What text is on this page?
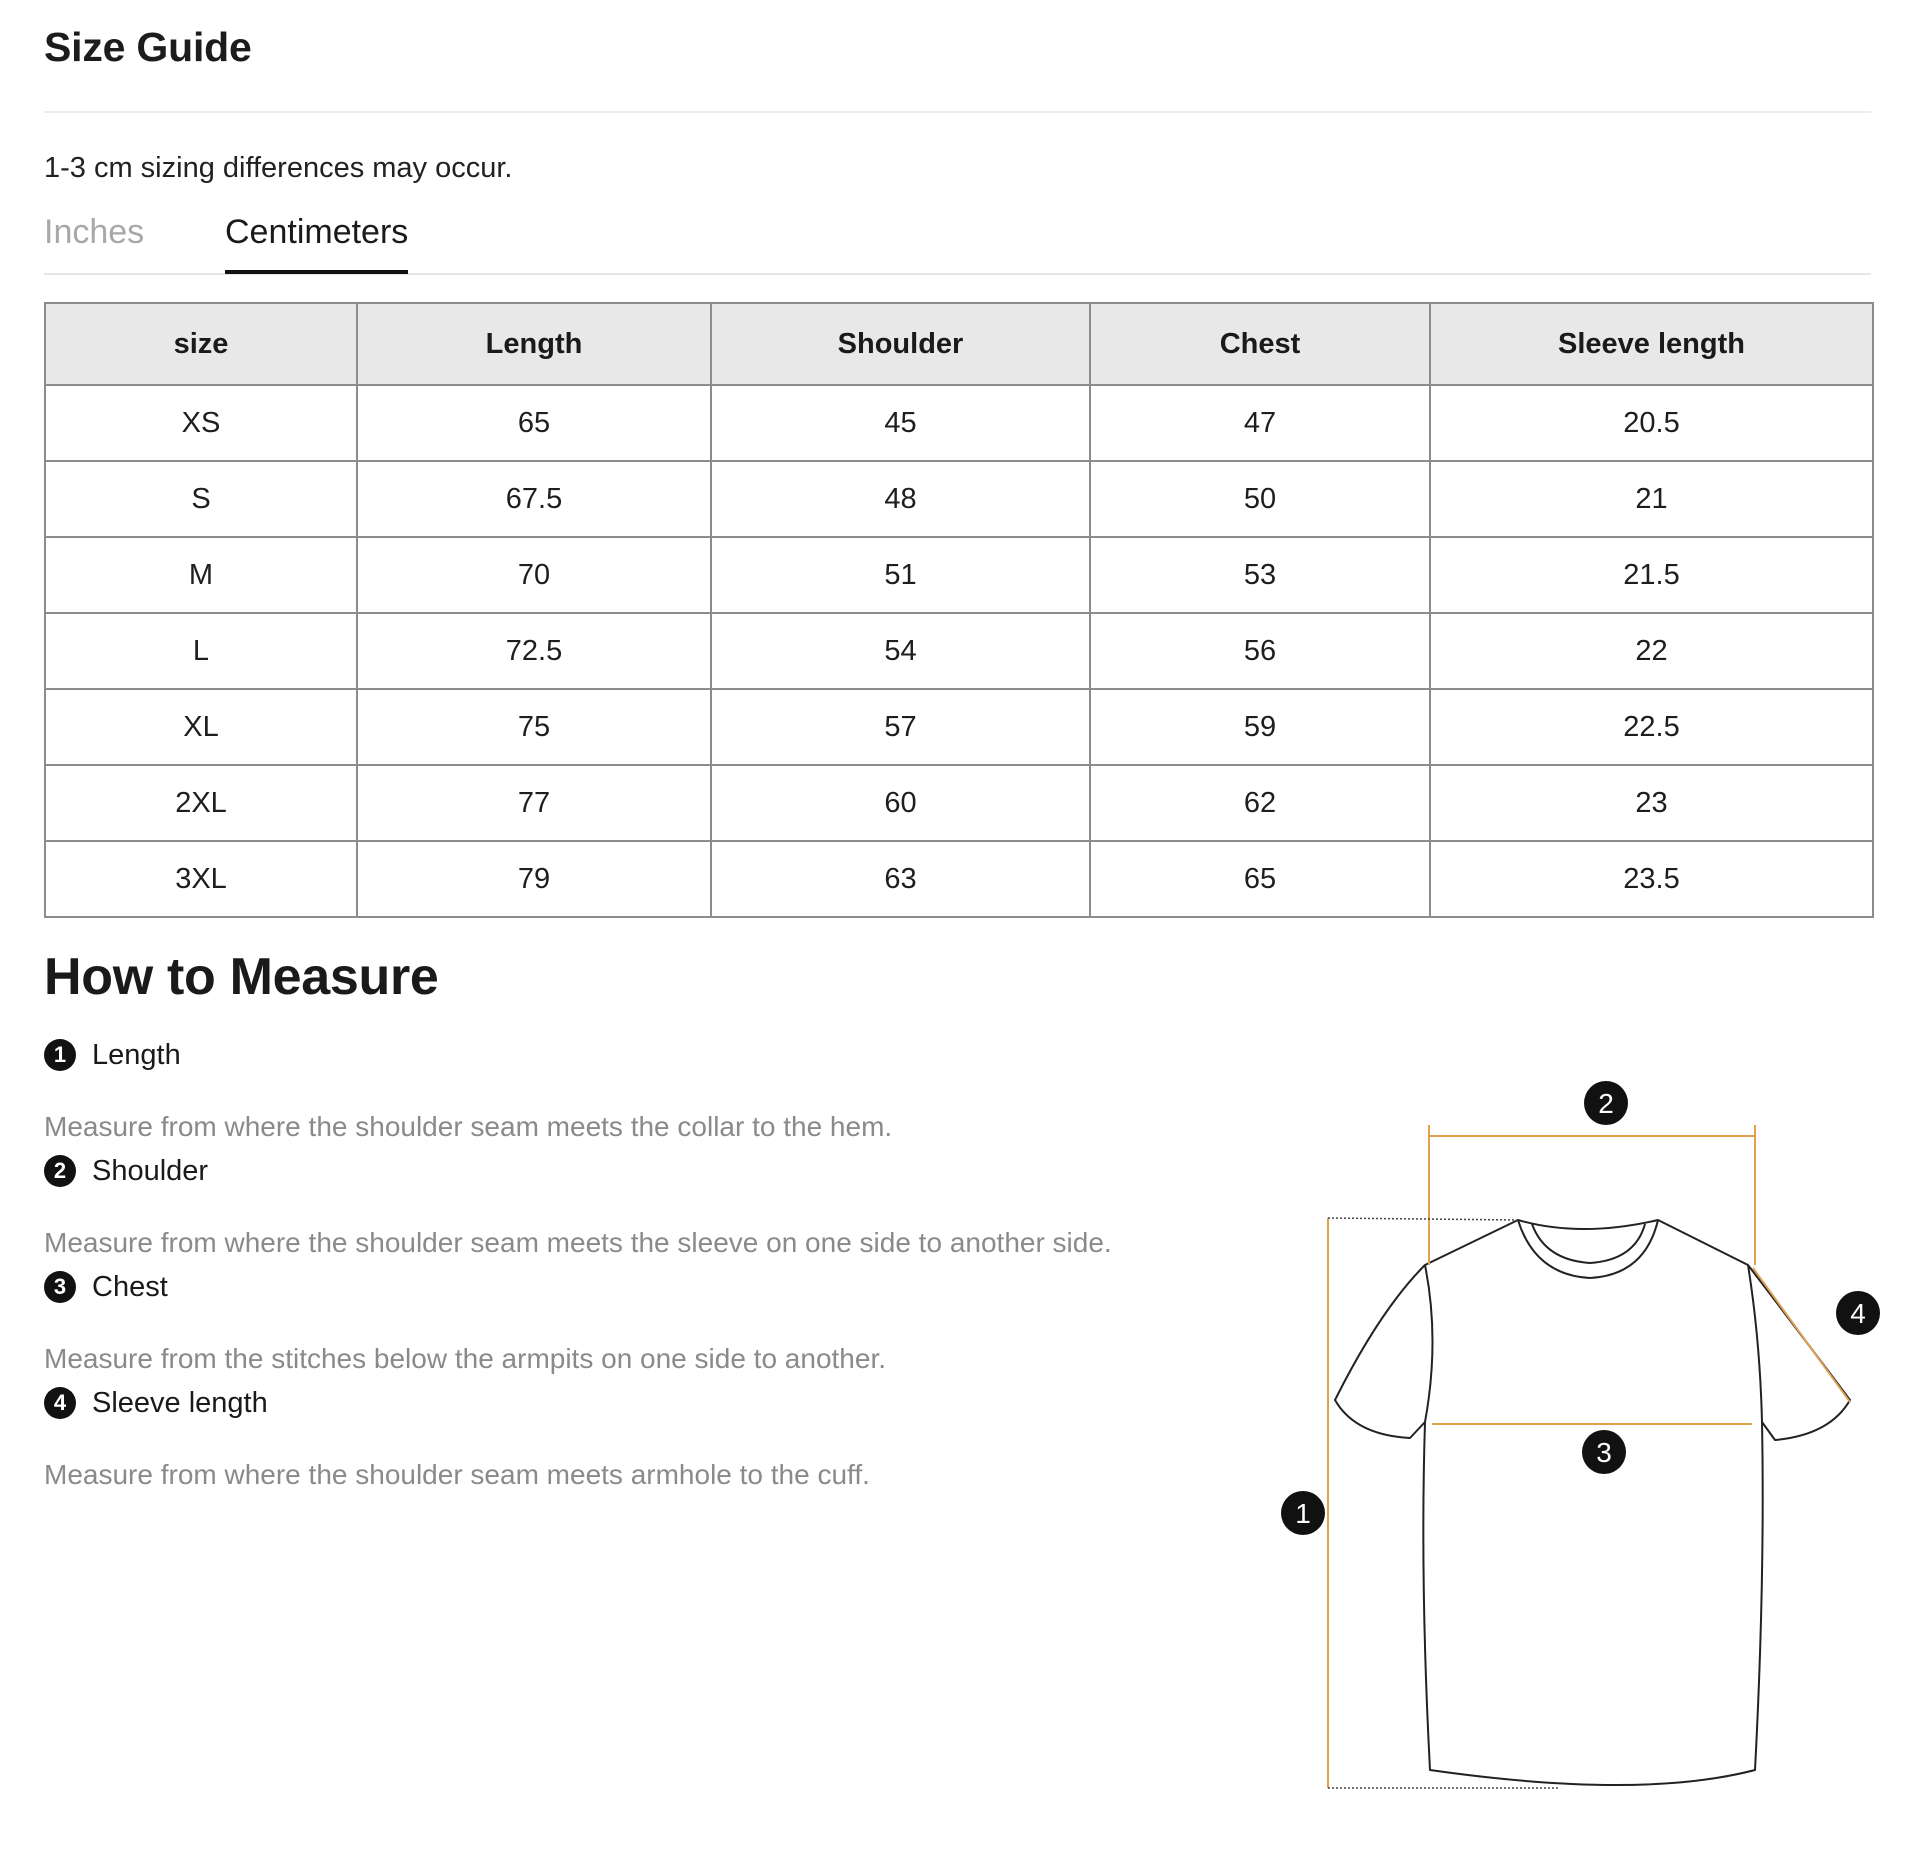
Size Guide
1-3 cm sizing differences may occur.
Inches Centimeters
size	Length	Shoulder	Chest	Sleeve length
XS	65	45	47	20.5
S	67.5	48	50	21
M	70	51	53	21.5
L	72.5	54	56	22
XL	75	57	59	22.5
2XL	77	60	62	23
3XL	79	63	65	23.5
How to Measure
1 Length
Measure from where the shoulder seam meets the collar to the hem.
2 Shoulder
Measure from where the shoulder seam meets the sleeve on one side to another side.
3 Chest
Measure from the stitches below the armpits on one side to another.
4 Sleeve length
Measure from where the shoulder seam meets armhole to the cuff.
1
2
3
4
